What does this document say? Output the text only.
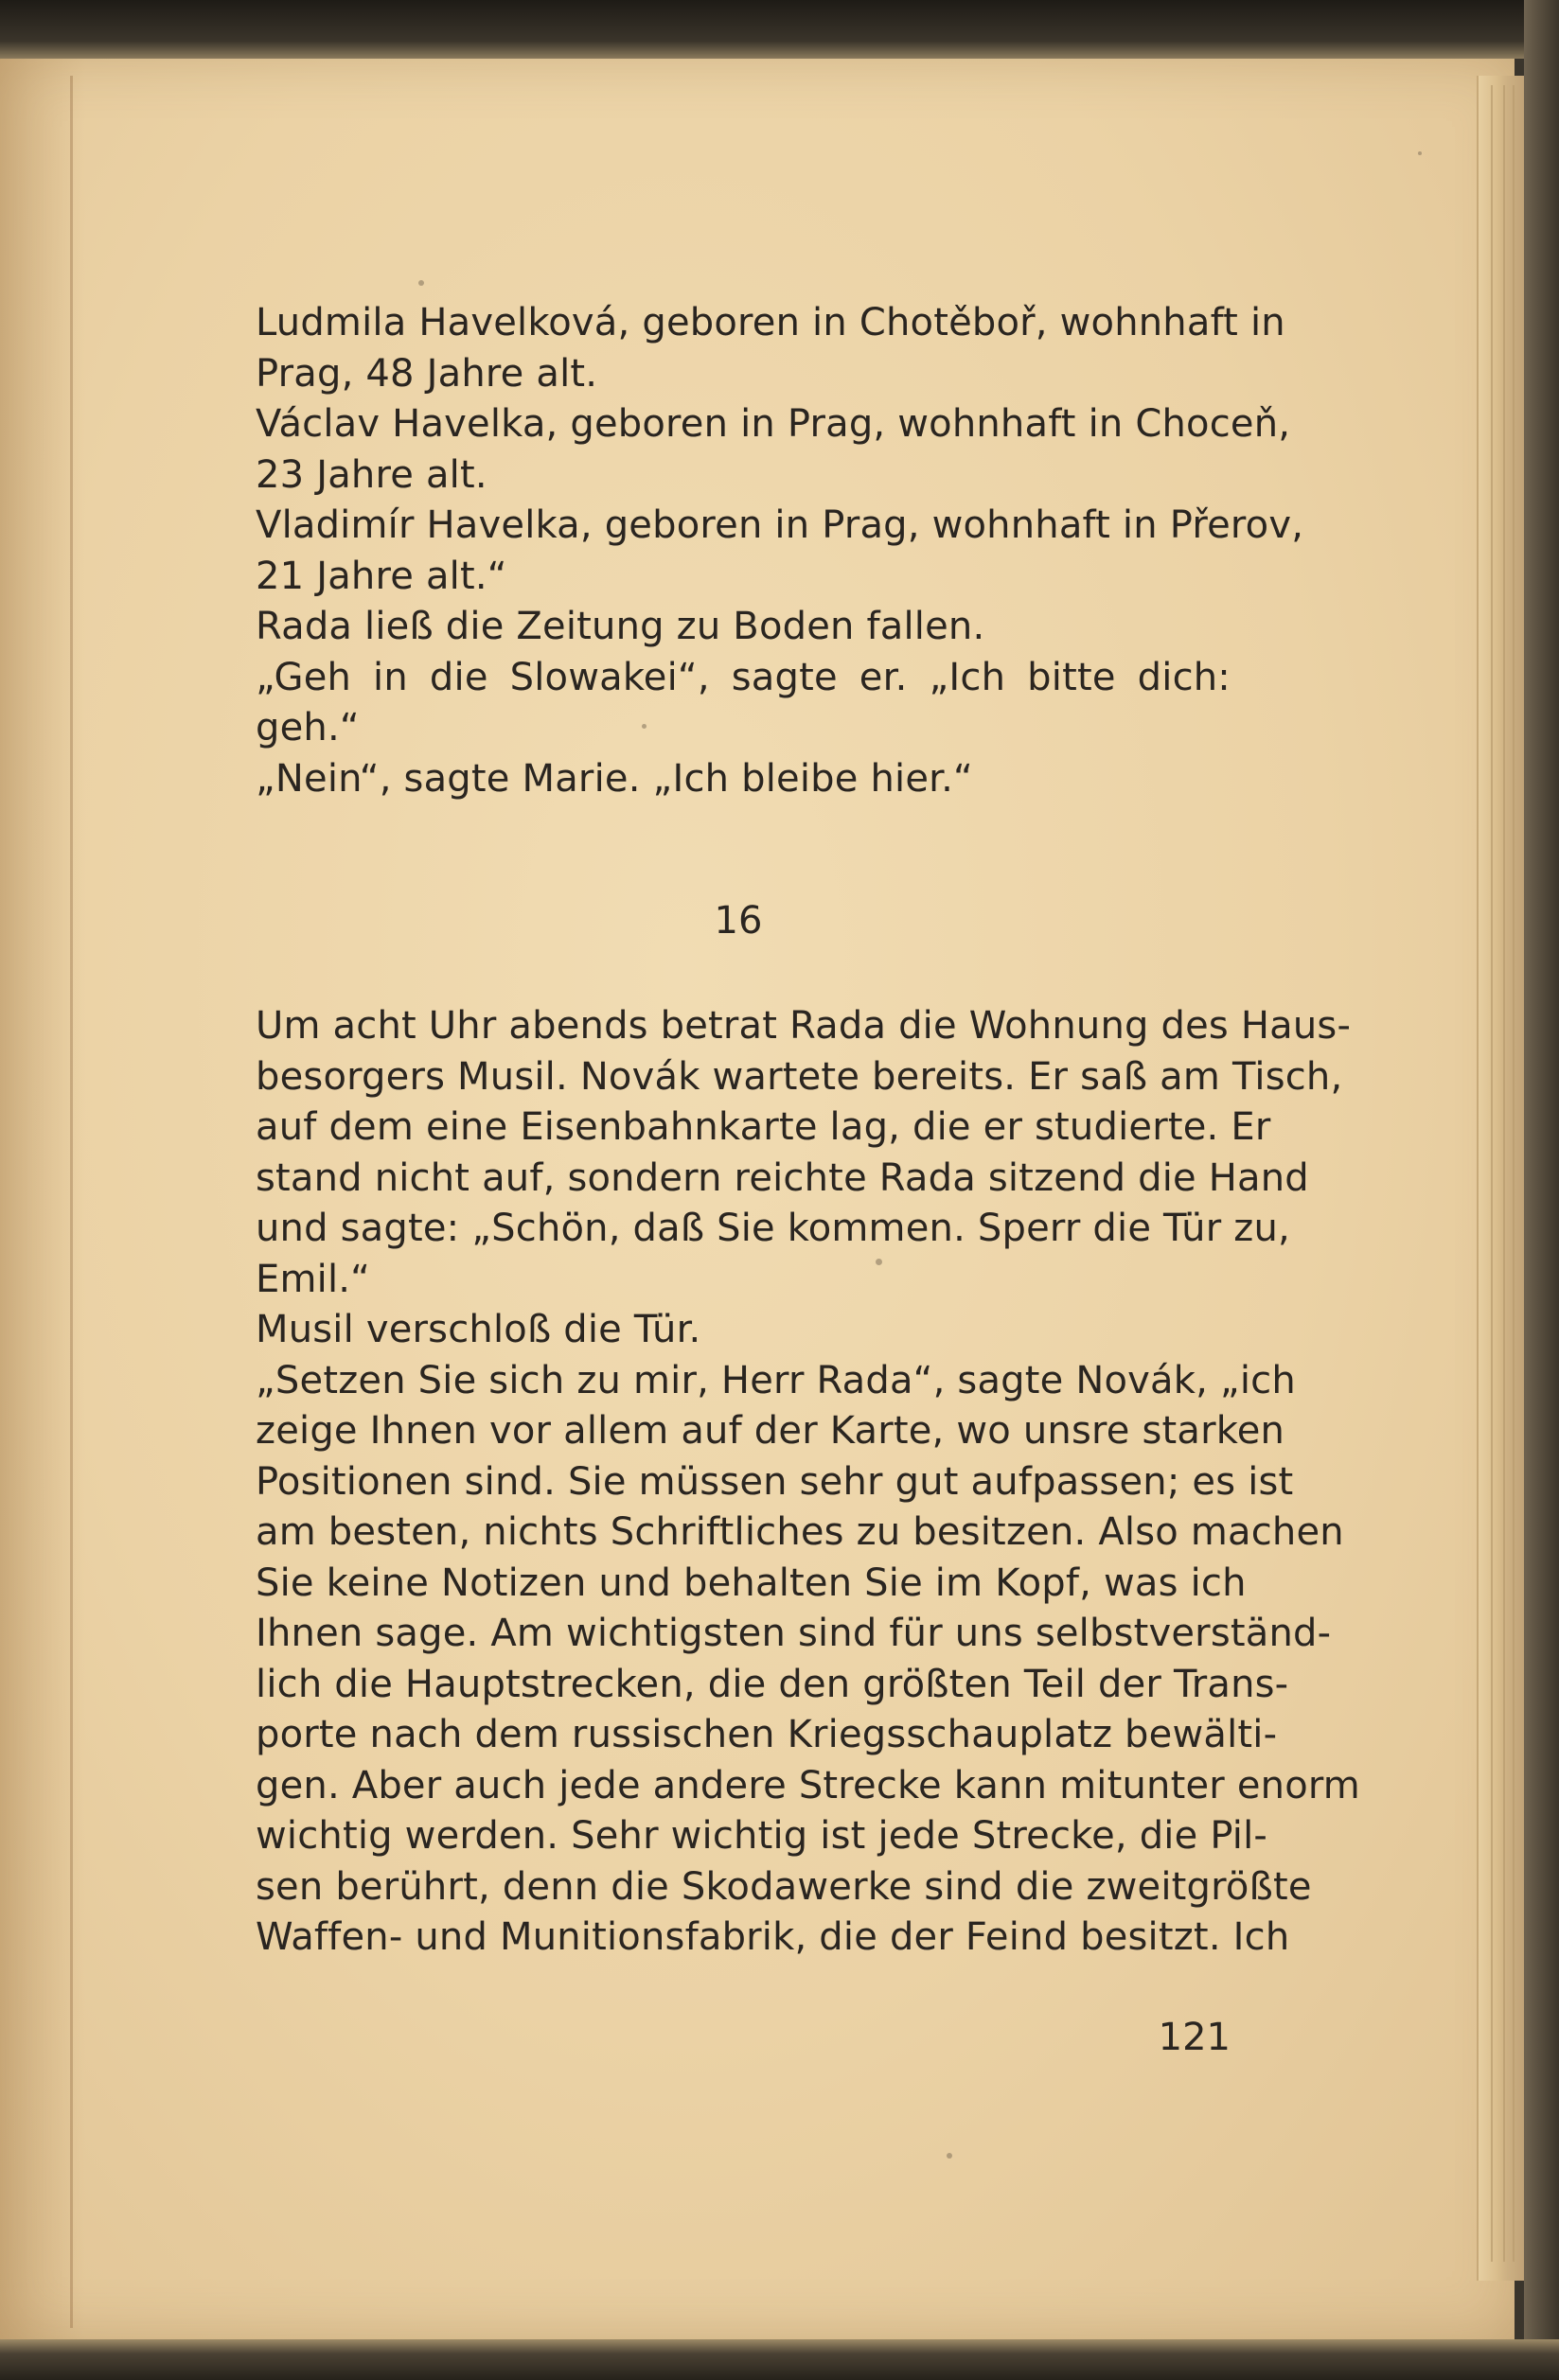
Ludmila Havelková, geboren in Chotěboř, wohnhaft in
Prag, 48 Jahre alt.
Václav Havelka, geboren in Prag, wohnhaft in Choceň,
23 Jahre alt.
Vladimír Havelka, geboren in Prag, wohnhaft in Přerov,
21 Jahre alt.“
Rada ließ die Zeitung zu Boden fallen.
„Geh in die Slowakei“, sagte er. „Ich bitte dich:
geh.“
„Nein“, sagte Marie. „Ich bleibe hier.“
16
Um acht Uhr abends betrat Rada die Wohnung des Haus-
besorgers Musil. Novák wartete bereits. Er saß am Tisch,
auf dem eine Eisenbahnkarte lag, die er studierte. Er
stand nicht auf, sondern reichte Rada sitzend die Hand
und sagte: „Schön, daß Sie kommen. Sperr die Tür zu,
Emil.“
Musil verschloß die Tür.
„Setzen Sie sich zu mir, Herr Rada“, sagte Novák, „ich
zeige Ihnen vor allem auf der Karte, wo unsre starken
Positionen sind. Sie müssen sehr gut aufpassen; es ist
am besten, nichts Schriftliches zu besitzen. Also machen
Sie keine Notizen und behalten Sie im Kopf, was ich
Ihnen sage. Am wichtigsten sind für uns selbstverständ-
lich die Hauptstrecken, die den größten Teil der Trans-
porte nach dem russischen Kriegsschauplatz bewälti-
gen. Aber auch jede andere Strecke kann mitunter enorm
wichtig werden. Sehr wichtig ist jede Strecke, die Pil-
sen berührt, denn die Skodawerke sind die zweitgrößte
Waffen- und Munitionsfabrik, die der Feind besitzt. Ich
121
